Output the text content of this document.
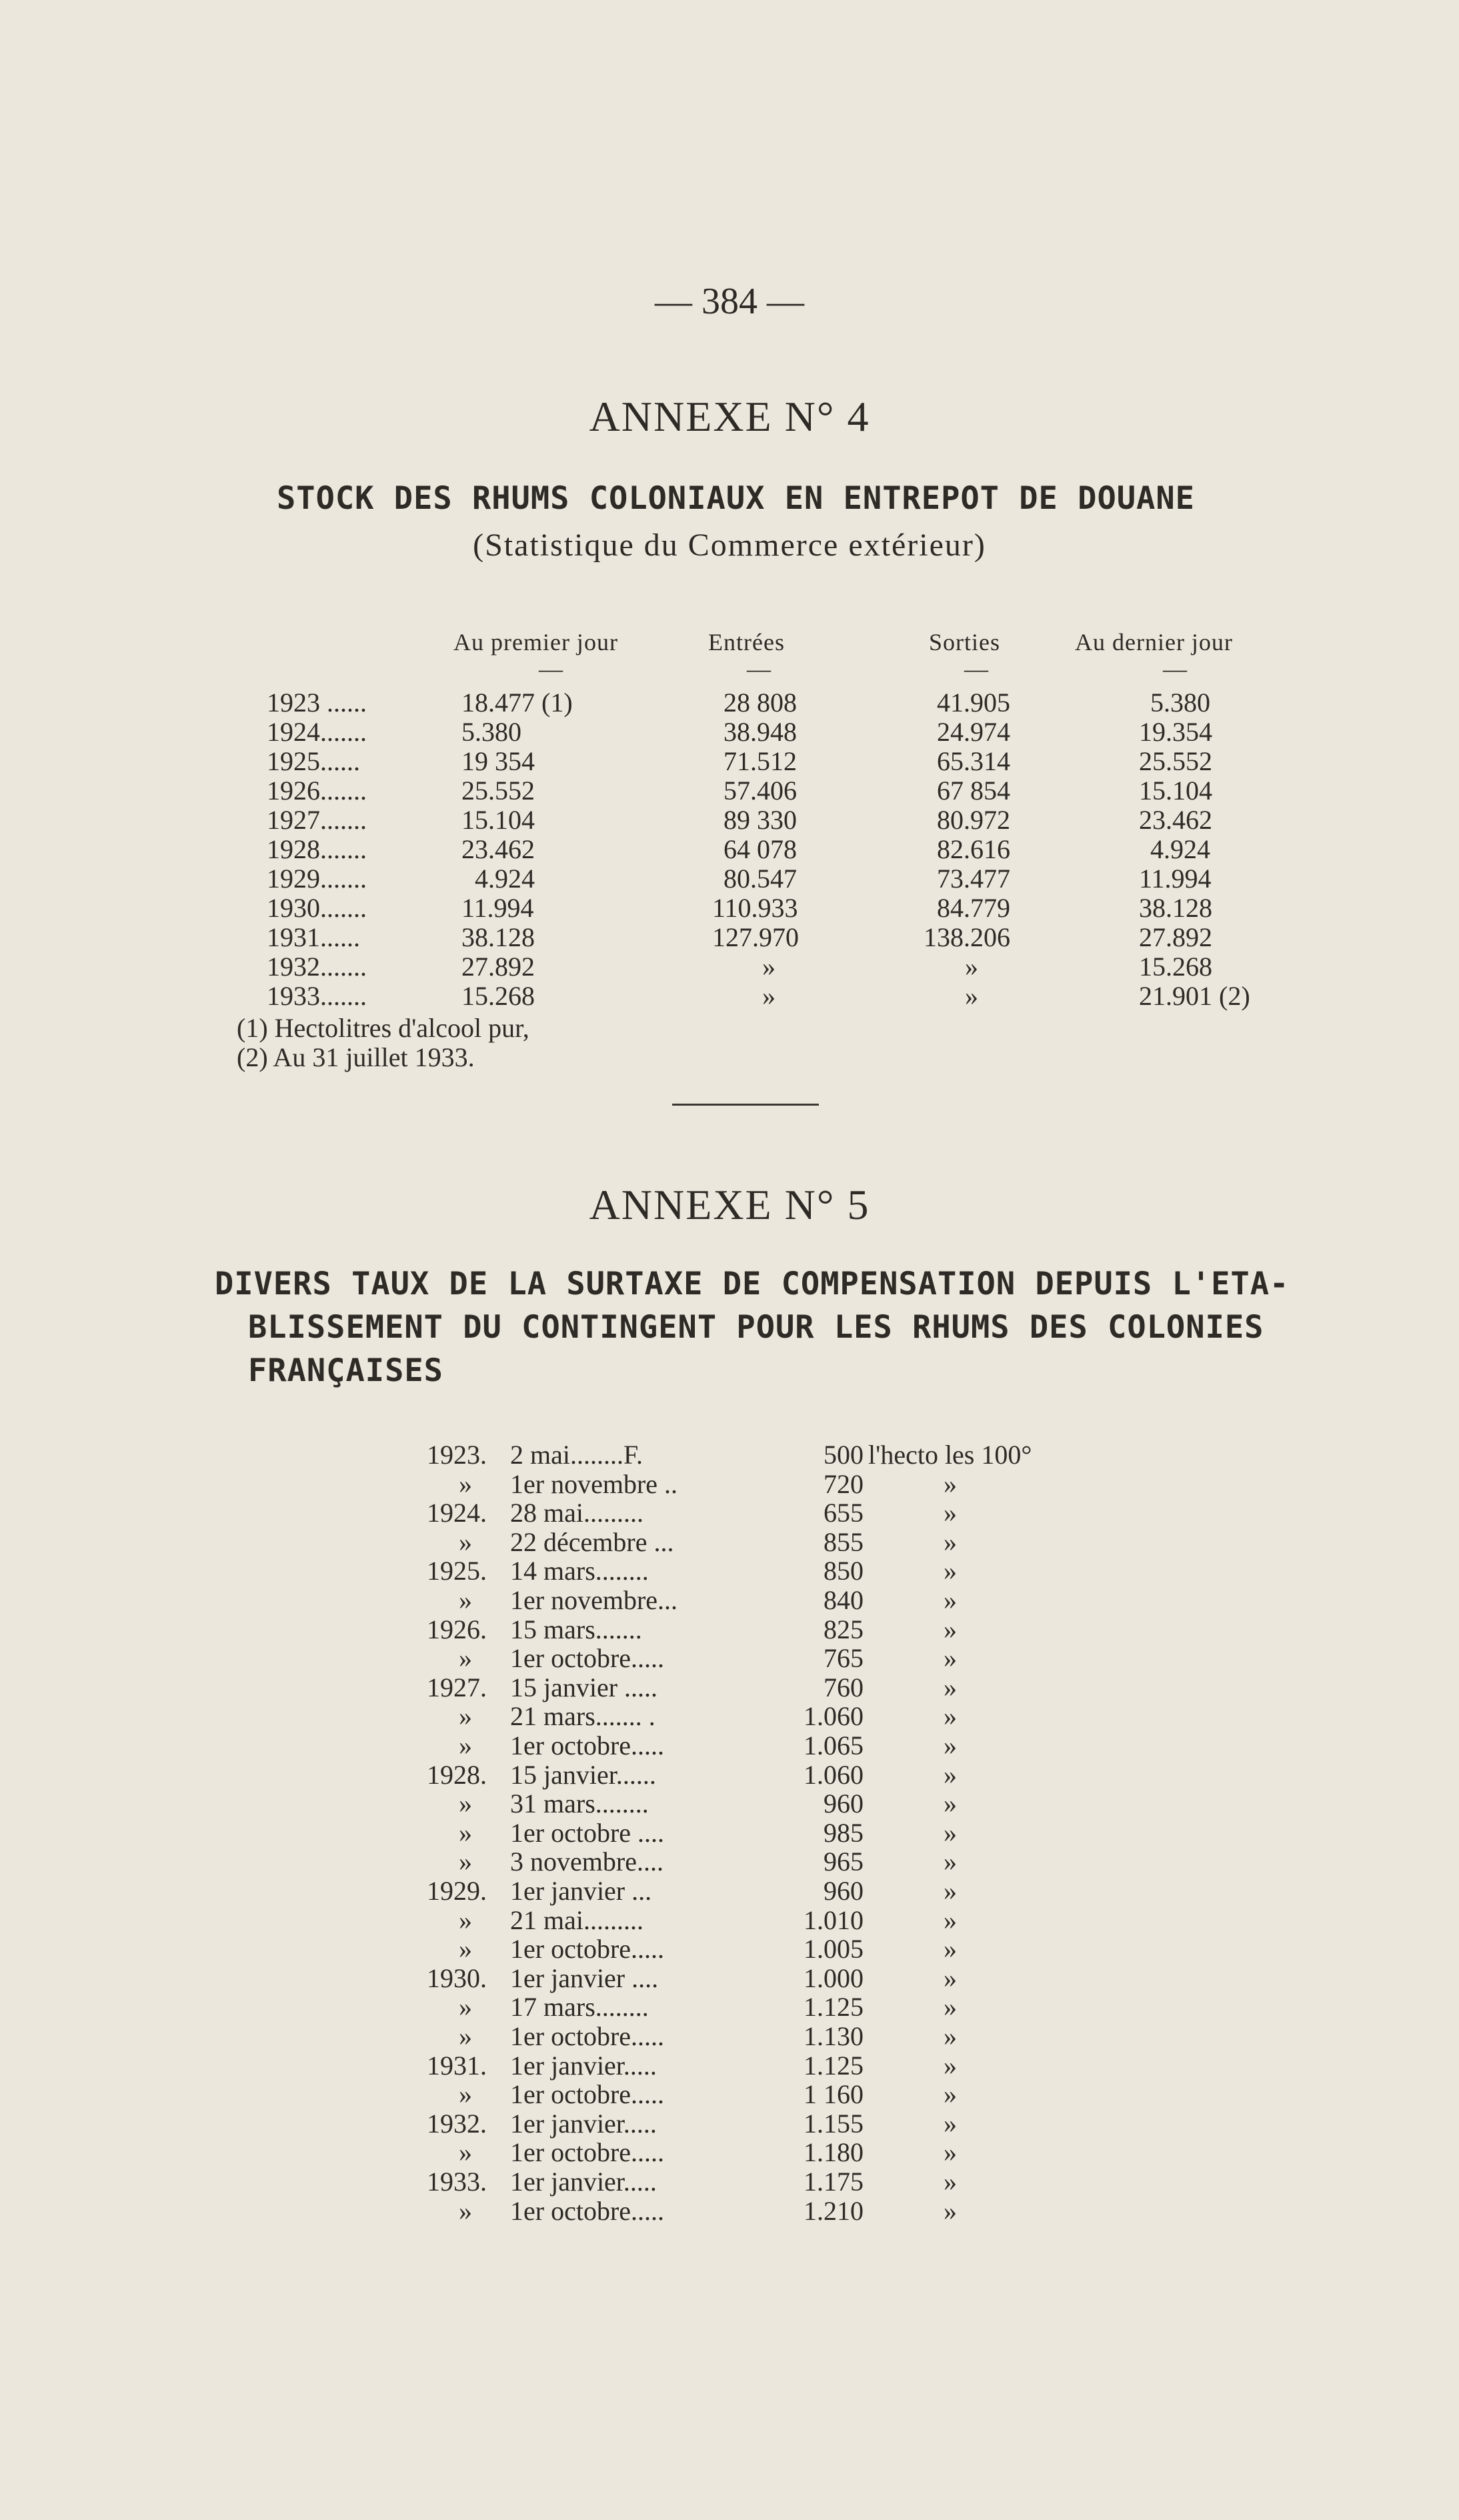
— 384 —
ANNEXE N° 4
STOCK DES RHUMS COLONIAUX EN ENTREPOT DE DOUANE
(Statistique du Commerce extérieur)
Au premier jour	Entrées	Sorties	Au dernier jour
—	—	—	—
1923 ......	18.477 (1)	28 808	41.905	5.380
1924.......	5.380	38.948	24.974	19.354
1925......	19 354	71.512	65.314	25.552
1926.......	25.552	57.406	67 854	15.104
1927.......	15.104	89 330	80.972	23.462
1928.......	23.462	64 078	82.616	4.924
1929.......	4.924	80.547	73.477	11.994
1930.......	11.994	110.933	84.779	38.128
1931......	38.128	127.970	138.206	27.892
1932.......	27.892	»	»	15.268
1933.......	15.268	»	»	21.901 (2)
(1) Hectolitres d'alcool pur,
(2) Au 31 juillet 1933.
ANNEXE N° 5
DIVERS TAUX DE LA SURTAXE DE COMPENSATION DEPUIS L'ETA-
BLISSEMENT DU CONTINGENT POUR LES RHUMS DES COLONIES
FRANÇAISES
1923. 2 mai........F.	500 l'hecto les 100°
» 1er novembre ..	720	»
1924. 28 mai.........	655	»
» 22 décembre ...	855	»
1925. 14 mars........	850	»
» 1er novembre...	840	»
1926. 15 mars.......	825	»
» 1er octobre.....	765	»
1927. 15 janvier .....	760	»
» 21 mars....... .	1.060	»
» 1er octobre.....	1.065	»
1928. 15 janvier......	1.060	»
» 31 mars........	960	»
» 1er octobre ....	985	»
» 3 novembre....	965	»
1929. 1er janvier ...	960	»
» 21 mai.........	1.010	»
» 1er octobre.....	1.005	»
1930. 1er janvier ....	1.000	»
» 17 mars........	1.125	»
» 1er octobre.....	1.130	»
1931. 1er janvier.....	1.125	»
» 1er octobre.....	1 160	»
1932. 1er janvier.....	1.155	»
» 1er octobre.....	1.180	»
1933. 1er janvier.....	1.175	»
» 1er octobre.....	1.210	»
